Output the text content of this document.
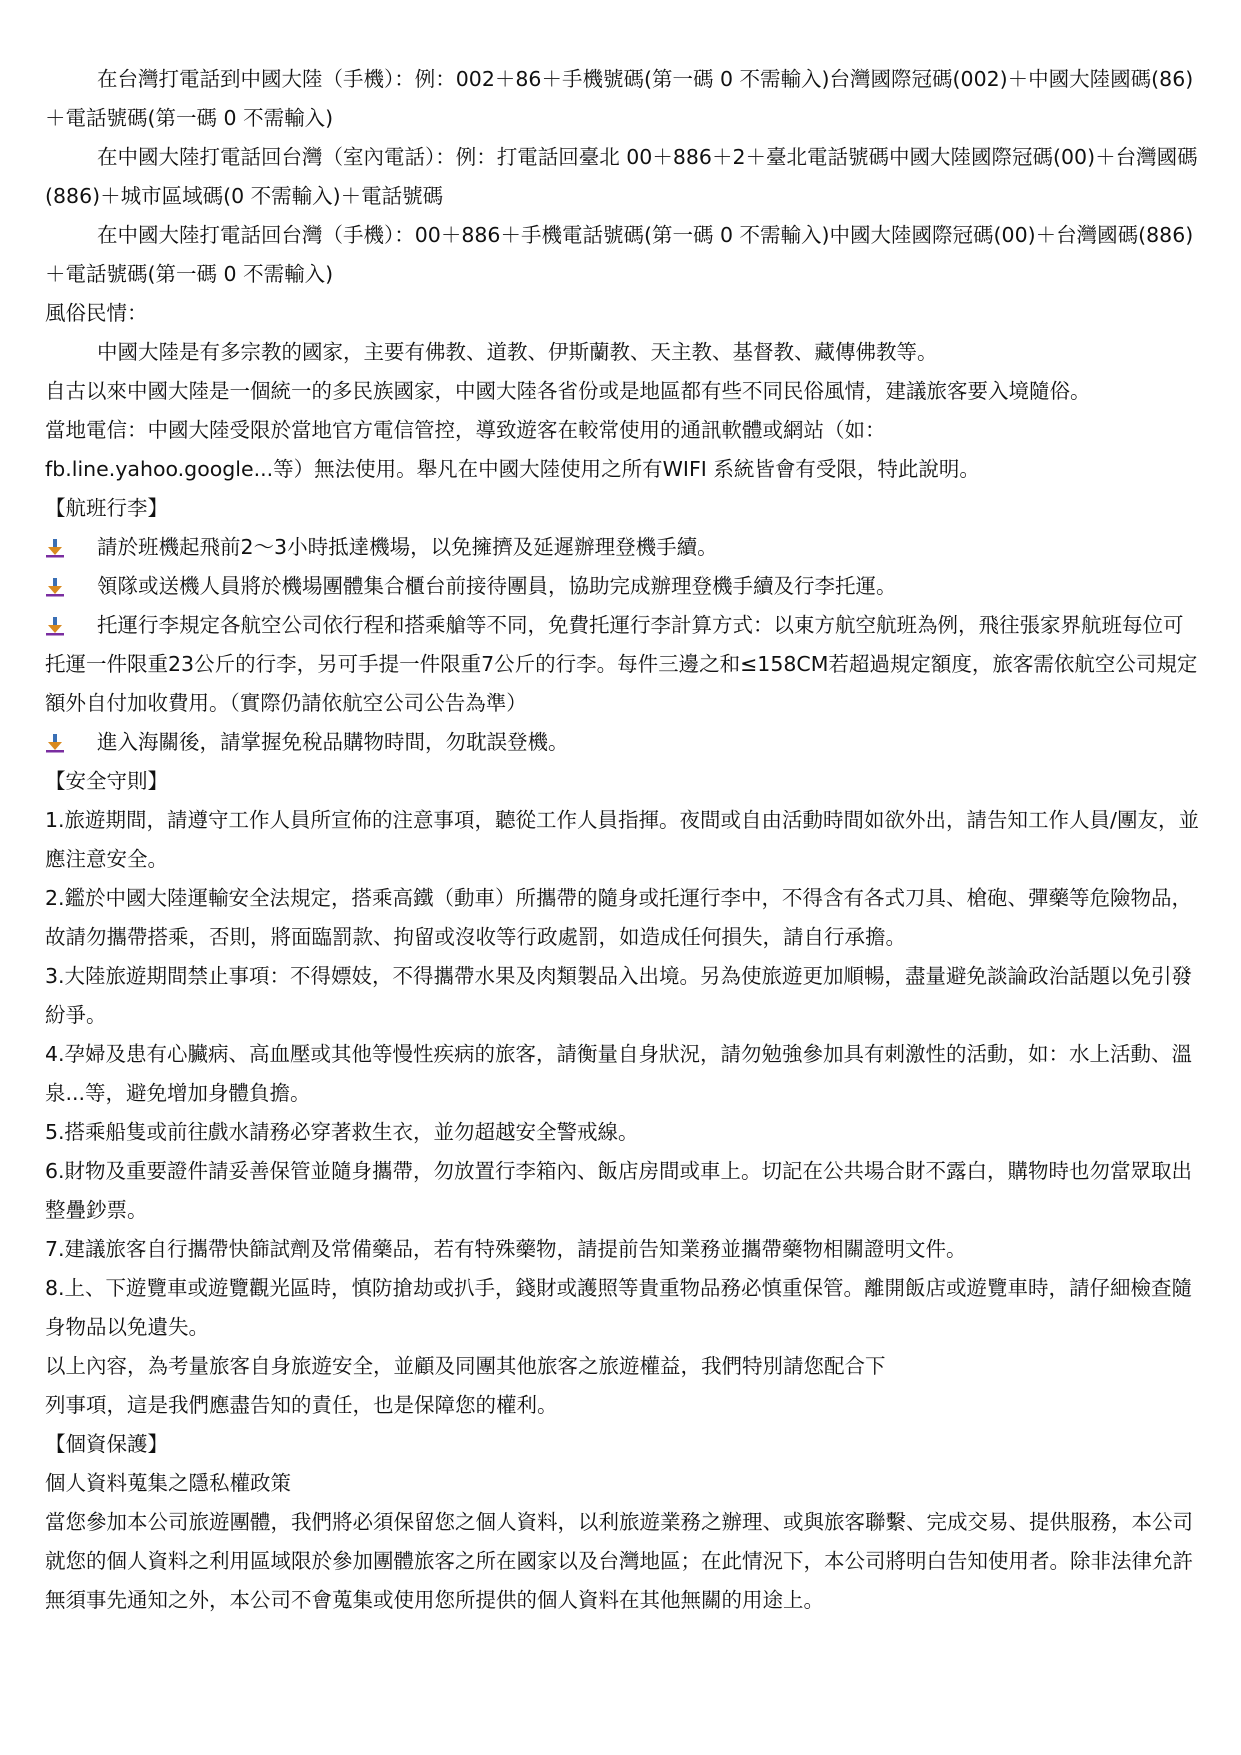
在台灣打電話到中國大陸（手機）：例：002＋86＋手機號碼(第一碼 0 不需輸入)台灣國際冠碼(002)＋中國大陸國碼(86)＋電話號碼(第一碼 0 不需輸入)

在中國大陸打電話回台灣（室內電話）：例：打電話回臺北 00＋886＋2＋臺北電話號碼中國大陸國際冠碼(00)＋台灣國碼(886)＋城市區域碼(0 不需輸入)＋電話號碼

在中國大陸打電話回台灣（手機）：00＋886＋手機電話號碼(第一碼 0 不需輸入)中國大陸國際冠碼(00)＋台灣國碼(886)＋電話號碼(第一碼 0 不需輸入)

風俗民情：

中國大陸是有多宗教的國家，主要有佛教、道教、伊斯蘭教、天主教、基督教、藏傳佛教等。

自古以來中國大陸是一個統一的多民族國家，中國大陸各省份或是地區都有些不同民俗風情，建議旅客要入境隨俗。

當地電信：中國大陸受限於當地官方電信管控，導致遊客在較常使用的通訊軟體或網站（如：

fb.line.yahoo.google...等）無法使用。舉凡在中國大陸使用之所有WIFI 系統皆會有受限，特此說明。

【航班行李】

請於班機起飛前2～3小時抵達機場，以免擁擠及延遲辦理登機手續。

領隊或送機人員將於機場團體集合櫃台前接待團員，協助完成辦理登機手續及行李托運。

托運行李規定各航空公司依行程和搭乘艙等不同，免費托運行李計算方式：以東方航空航班為例，飛往張家界航班每位可托運一件限重23公斤的行李，另可手提一件限重7公斤的行李。每件三邊之和≤158CM若超過規定額度，旅客需依航空公司規定額外自付加收費用。（實際仍請依航空公司公告為準）

進入海關後，請掌握免稅品購物時間，勿耽誤登機。

【安全守則】

1.旅遊期間，請遵守工作人員所宣佈的注意事項，聽從工作人員指揮。夜間或自由活動時間如欲外出，請告知工作人員/團友，並應注意安全。

2.鑑於中國大陸運輸安全法規定，搭乘高鐵（動車）所攜帶的隨身或托運行李中，不得含有各式刀具、槍砲、彈藥等危險物品，故請勿攜帶搭乘，否則，將面臨罰款、拘留或沒收等行政處罰，如造成任何損失，請自行承擔。

3.大陸旅遊期間禁止事項：不得嫖妓，不得攜帶水果及肉類製品入出境。另為使旅遊更加順暢，盡量避免談論政治話題以免引發紛爭。

4.孕婦及患有心臟病、高血壓或其他等慢性疾病的旅客，請衡量自身狀況，請勿勉強參加具有刺激性的活動，如：水上活動、溫泉...等，避免增加身體負擔。

5.搭乘船隻或前往戲水請務必穿著救生衣，並勿超越安全警戒線。

6.財物及重要證件請妥善保管並隨身攜帶，勿放置行李箱內、飯店房間或車上。切記在公共場合財不露白，購物時也勿當眾取出整疊鈔票。

7.建議旅客自行攜帶快篩試劑及常備藥品，若有特殊藥物，請提前告知業務並攜帶藥物相關證明文件。

8.上、下遊覽車或遊覽觀光區時，慎防搶劫或扒手，錢財或護照等貴重物品務必慎重保管。離開飯店或遊覽車時，請仔細檢查隨身物品以免遺失。

以上內容，為考量旅客自身旅遊安全，並顧及同團其他旅客之旅遊權益，我們特別請您配合下

列事項，這是我們應盡告知的責任，也是保障您的權利。

【個資保護】

個人資料蒐集之隱私權政策

當您參加本公司旅遊團體，我們將必須保留您之個人資料，以利旅遊業務之辦理、或與旅客聯繫、完成交易、提供服務，本公司就您的個人資料之利用區域限於參加團體旅客之所在國家以及台灣地區；在此情況下，本公司將明白告知使用者。除非法律允許無須事先通知之外，本公司不會蒐集或使用您所提供的個人資料在其他無關的用途上。
